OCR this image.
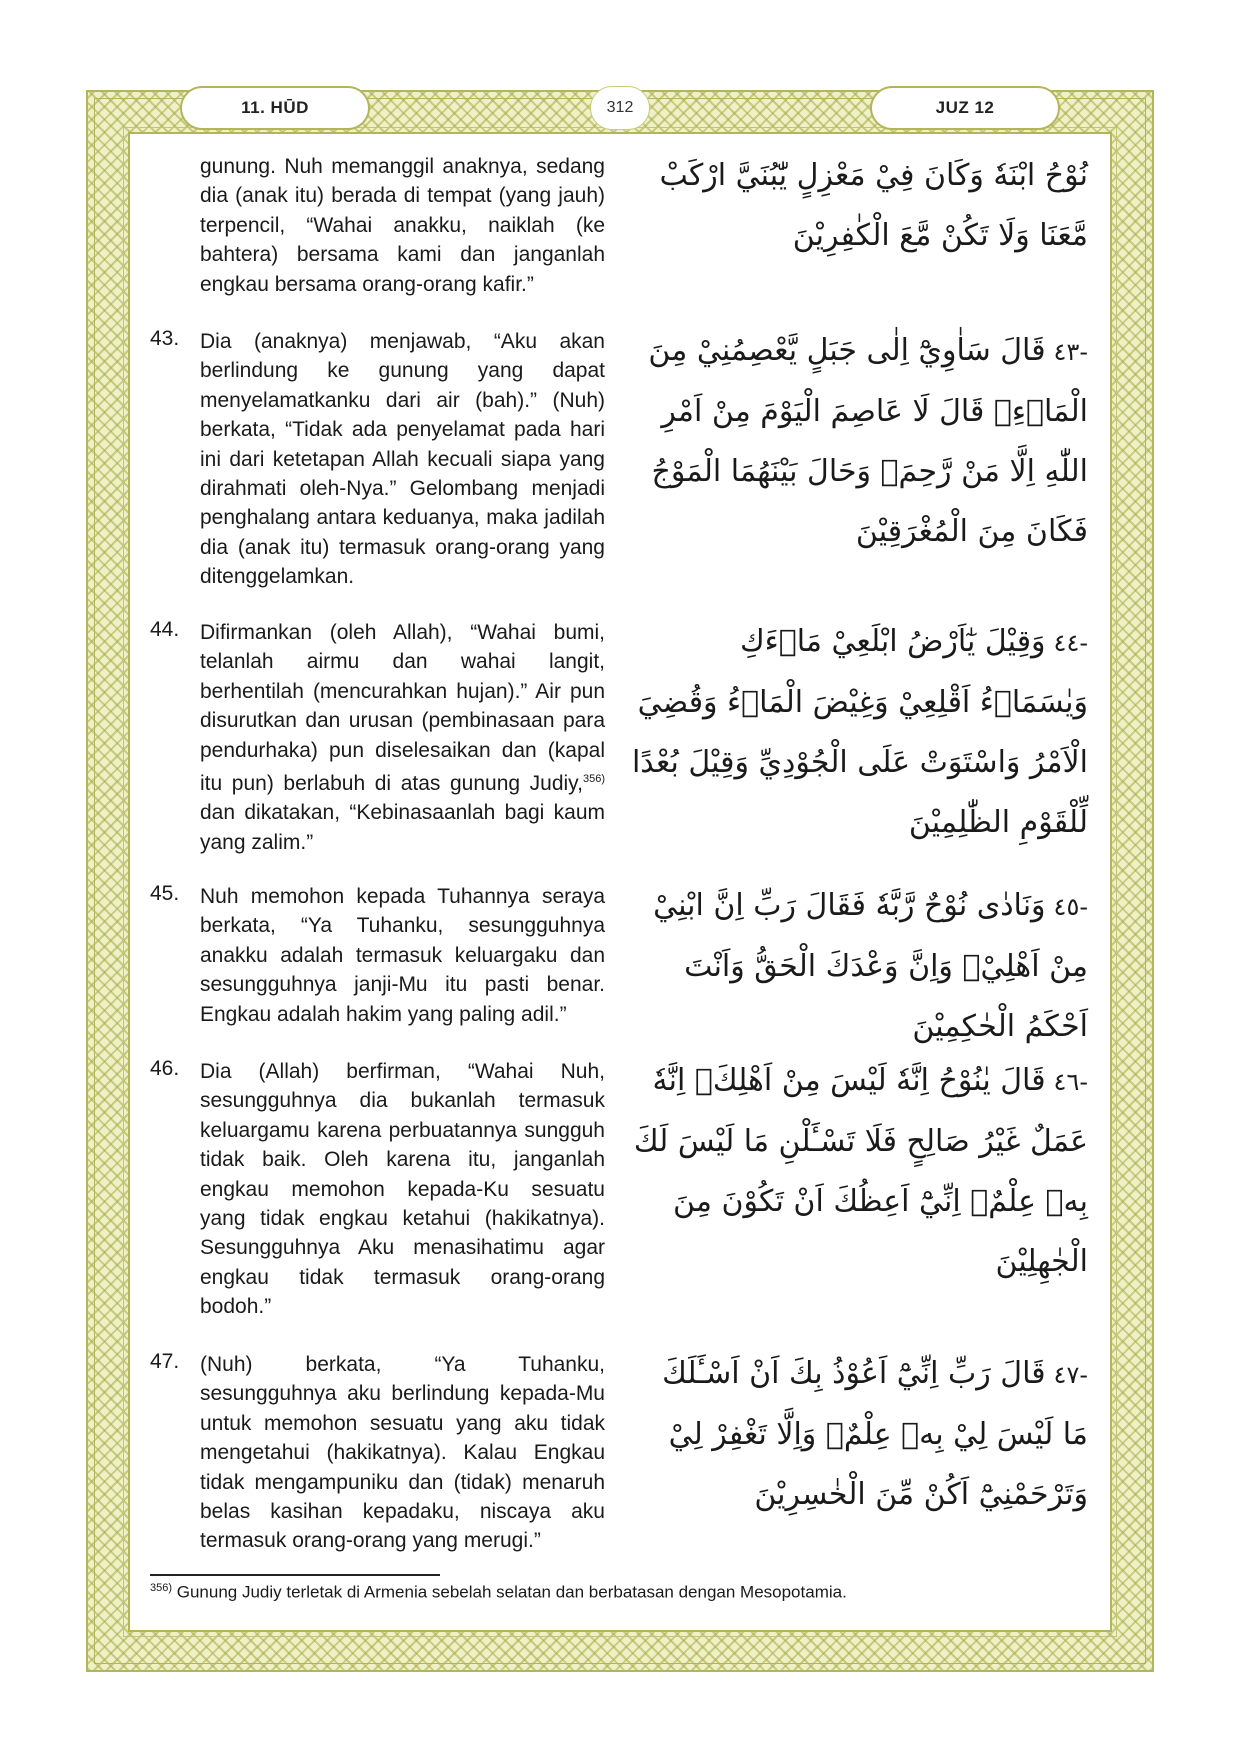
11. HŪD	312	JUZ 12
gunung. Nuh memanggil anaknya, sedang dia (anak itu) berada di tempat (yang jauh) terpencil, “Wahai anakku, naiklah (ke bahtera) bersama kami dan janganlah engkau bersama orang-orang kafir.”
نُوْحُ ابْنَهٗ وَكَانَ فِيْ مَعْزِلٍ يّٰبُنَيَّ ارْكَبْ مَّعَنَا وَلَا تَكُنْ مَّعَ الْكٰفِرِيْنَ
43. Dia (anaknya) menjawab, “Aku akan berlindung ke gunung yang dapat menyelamatkanku dari air (bah).” (Nuh) berkata, “Tidak ada penyelamat pada hari ini dari ketetapan Allah kecuali siapa yang dirahmati oleh-Nya.” Gelombang menjadi penghalang antara keduanya, maka jadilah dia (anak itu) termasuk orang-orang yang ditenggelamkan.
-٤٣قَالَ سَاٰوِيْٓ اِلٰى جَبَلٍ يَّعْصِمُنِيْ مِنَ الْمَاۤءِۗ قَالَ لَا عَاصِمَ الْيَوْمَ مِنْ اَمْرِ اللّٰهِ اِلَّا مَنْ رَّحِمَۚ وَحَالَ بَيْنَهُمَا الْمَوْجُ فَكَانَ مِنَ الْمُغْرَقِيْنَ
44. Difirmankan (oleh Allah), “Wahai bumi, telanlah airmu dan wahai langit, berhentilah (mencurahkan hujan).” Air pun disurutkan dan urusan (pembinasaan para pendurhaka) pun diselesaikan dan (kapal itu pun) berlabuh di atas gunung Judiy,$^{356)}$ dan dikatakan, “Kebinasaanlah bagi kaum yang zalim.”
-٤٤وَقِيْلَ يٰٓاَرْضُ ابْلَعِيْ مَاۤءَكِ وَيٰسَمَاۤءُ اَقْلِعِيْ وَغِيْضَ الْمَاۤءُ وَقُضِيَ الْاَمْرُ وَاسْتَوَتْ عَلَى الْجُوْدِيِّ وَقِيْلَ بُعْدًا لِّلْقَوْمِ الظّٰلِمِيْنَ
45. Nuh memohon kepada Tuhannya seraya berkata, “Ya Tuhanku, sesungguhnya anakku adalah termasuk keluargaku dan sesungguhnya janji-Mu itu pasti benar. Engkau adalah hakim yang paling adil.”
-٤٥وَنَادٰى نُوْحٌ رَّبَّهٗ فَقَالَ رَبِّ اِنَّ ابْنِيْ مِنْ اَهْلِيْۚ وَاِنَّ وَعْدَكَ الْحَقُّ وَاَنْتَ اَحْكَمُ الْحٰكِمِيْنَ
46. Dia (Allah) berfirman, “Wahai Nuh, sesungguhnya dia bukanlah termasuk keluargamu karena perbuatannya sungguh tidak baik. Oleh karena itu, janganlah engkau memohon kepada-Ku sesuatu yang tidak engkau ketahui (hakikatnya). Sesungguhnya Aku menasihatimu agar engkau tidak termasuk orang-orang bodoh.”
-٤٦قَالَ يٰنُوْحُ اِنَّهٗ لَيْسَ مِنْ اَهْلِكَۚ اِنَّهٗ عَمَلٌ غَيْرُ صَالِحٍ فَلَا تَسْـَٔلْنِ مَا لَيْسَ لَكَ بِهٖ عِلْمٌۗ اِنِّيْٓ اَعِظُكَ اَنْ تَكُوْنَ مِنَ الْجٰهِلِيْنَ
47. (Nuh) berkata, “Ya Tuhanku, sesungguhnya aku berlindung kepada-Mu untuk memohon sesuatu yang aku tidak mengetahui (hakikatnya). Kalau Engkau tidak mengampuniku dan (tidak) menaruh belas kasihan kepadaku, niscaya aku termasuk orang-orang yang merugi.”
-٤٧قَالَ رَبِّ اِنِّيْٓ اَعُوْذُ بِكَ اَنْ اَسْـَٔلَكَ مَا لَيْسَ لِيْ بِهٖ عِلْمٌۗ وَاِلَّا تَغْفِرْ لِيْ وَتَرْحَمْنِيْٓ اَكُنْ مِّنَ الْخٰسِرِيْنَ
$^{356)}$ Gunung Judiy terletak di Armenia sebelah selatan dan berbatasan dengan Mesopotamia.
